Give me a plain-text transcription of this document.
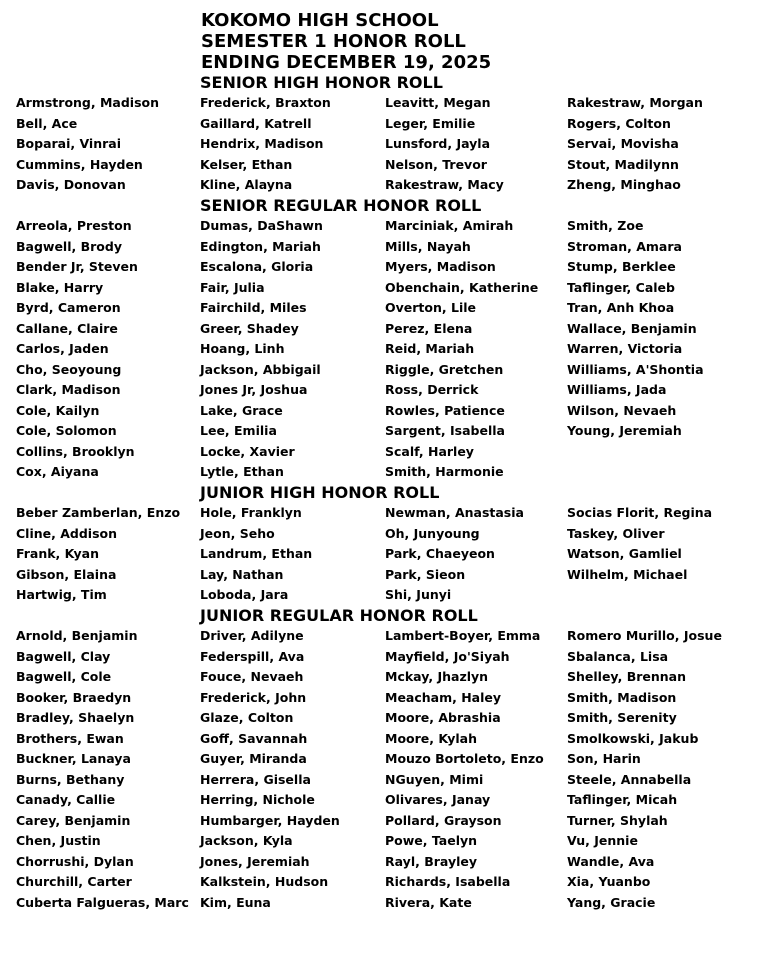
KOKOMO HIGH SCHOOL
SEMESTER 1 HONOR ROLL
ENDING DECEMBER 19, 2025
SENIOR HIGH HONOR ROLL
Armstrong, Madison
Bell, Ace
Boparai, Vinrai
Cummins, Hayden
Davis, Donovan
Frederick, Braxton
Gaillard, Katrell
Hendrix, Madison
Kelser, Ethan
Kline, Alayna
Leavitt, Megan
Leger, Emilie
Lunsford, Jayla
Nelson, Trevor
Rakestraw, Macy
Rakestraw, Morgan
Rogers, Colton
Servai, Movisha
Stout, Madilynn
Zheng, Minghao
SENIOR REGULAR HONOR ROLL
Arreola, Preston
Bagwell, Brody
Bender Jr, Steven
Blake, Harry
Byrd, Cameron
Callane, Claire
Carlos, Jaden
Cho, Seoyoung
Clark, Madison
Cole, Kailyn
Cole, Solomon
Collins, Brooklyn
Cox, Aiyana
Dumas, DaShawn
Edington, Mariah
Escalona, Gloria
Fair, Julia
Fairchild, Miles
Greer, Shadey
Hoang, Linh
Jackson, Abbigail
Jones Jr, Joshua
Lake, Grace
Lee, Emilia
Locke, Xavier
Lytle, Ethan
Marciniak, Amirah
Mills, Nayah
Myers, Madison
Obenchain, Katherine
Overton, Lile
Perez, Elena
Reid, Mariah
Riggle, Gretchen
Ross, Derrick
Rowles, Patience
Sargent, Isabella
Scalf, Harley
Smith, Harmonie
Smith, Zoe
Stroman, Amara
Stump, Berklee
Taflinger, Caleb
Tran, Anh Khoa
Wallace, Benjamin
Warren, Victoria
Williams, A'Shontia
Williams, Jada
Wilson, Nevaeh
Young, Jeremiah
JUNIOR HIGH HONOR ROLL
Beber Zamberlan, Enzo
Cline, Addison
Frank, Kyan
Gibson, Elaina
Hartwig, Tim
Hole, Franklyn
Jeon, Seho
Landrum, Ethan
Lay, Nathan
Loboda, Jara
Newman, Anastasia
Oh, Junyoung
Park, Chaeyeon
Park, Sieon
Shi, Junyi
Socias Florit, Regina
Taskey, Oliver
Watson, Gamliel
Wilhelm, Michael
JUNIOR REGULAR HONOR ROLL
Arnold, Benjamin
Bagwell, Clay
Bagwell, Cole
Booker, Braedyn
Bradley, Shaelyn
Brothers, Ewan
Buckner, Lanaya
Burns, Bethany
Canady, Callie
Carey, Benjamin
Chen, Justin
Chorrushi, Dylan
Churchill, Carter
Cuberta Falgueras, Marc
Driver, Adilyne
Federspill, Ava
Fouce, Nevaeh
Frederick, John
Glaze, Colton
Goff, Savannah
Guyer, Miranda
Herrera, Gisella
Herring, Nichole
Humbarger, Hayden
Jackson, Kyla
Jones, Jeremiah
Kalkstein, Hudson
Kim, Euna
Lambert-Boyer, Emma
Mayfield, Jo'Siyah
Mckay, Jhazlyn
Meacham, Haley
Moore, Abrashia
Moore, Kylah
Mouzo Bortoleto, Enzo
NGuyen, Mimi
Olivares, Janay
Pollard, Grayson
Powe, Taelyn
Rayl, Brayley
Richards, Isabella
Rivera, Kate
Romero Murillo, Josue
Sbalanca, Lisa
Shelley, Brennan
Smith, Madison
Smith, Serenity
Smolkowski, Jakub
Son, Harin
Steele, Annabella
Taflinger, Micah
Turner, Shylah
Vu, Jennie
Wandle, Ava
Xia, Yuanbo
Yang, Gracie
